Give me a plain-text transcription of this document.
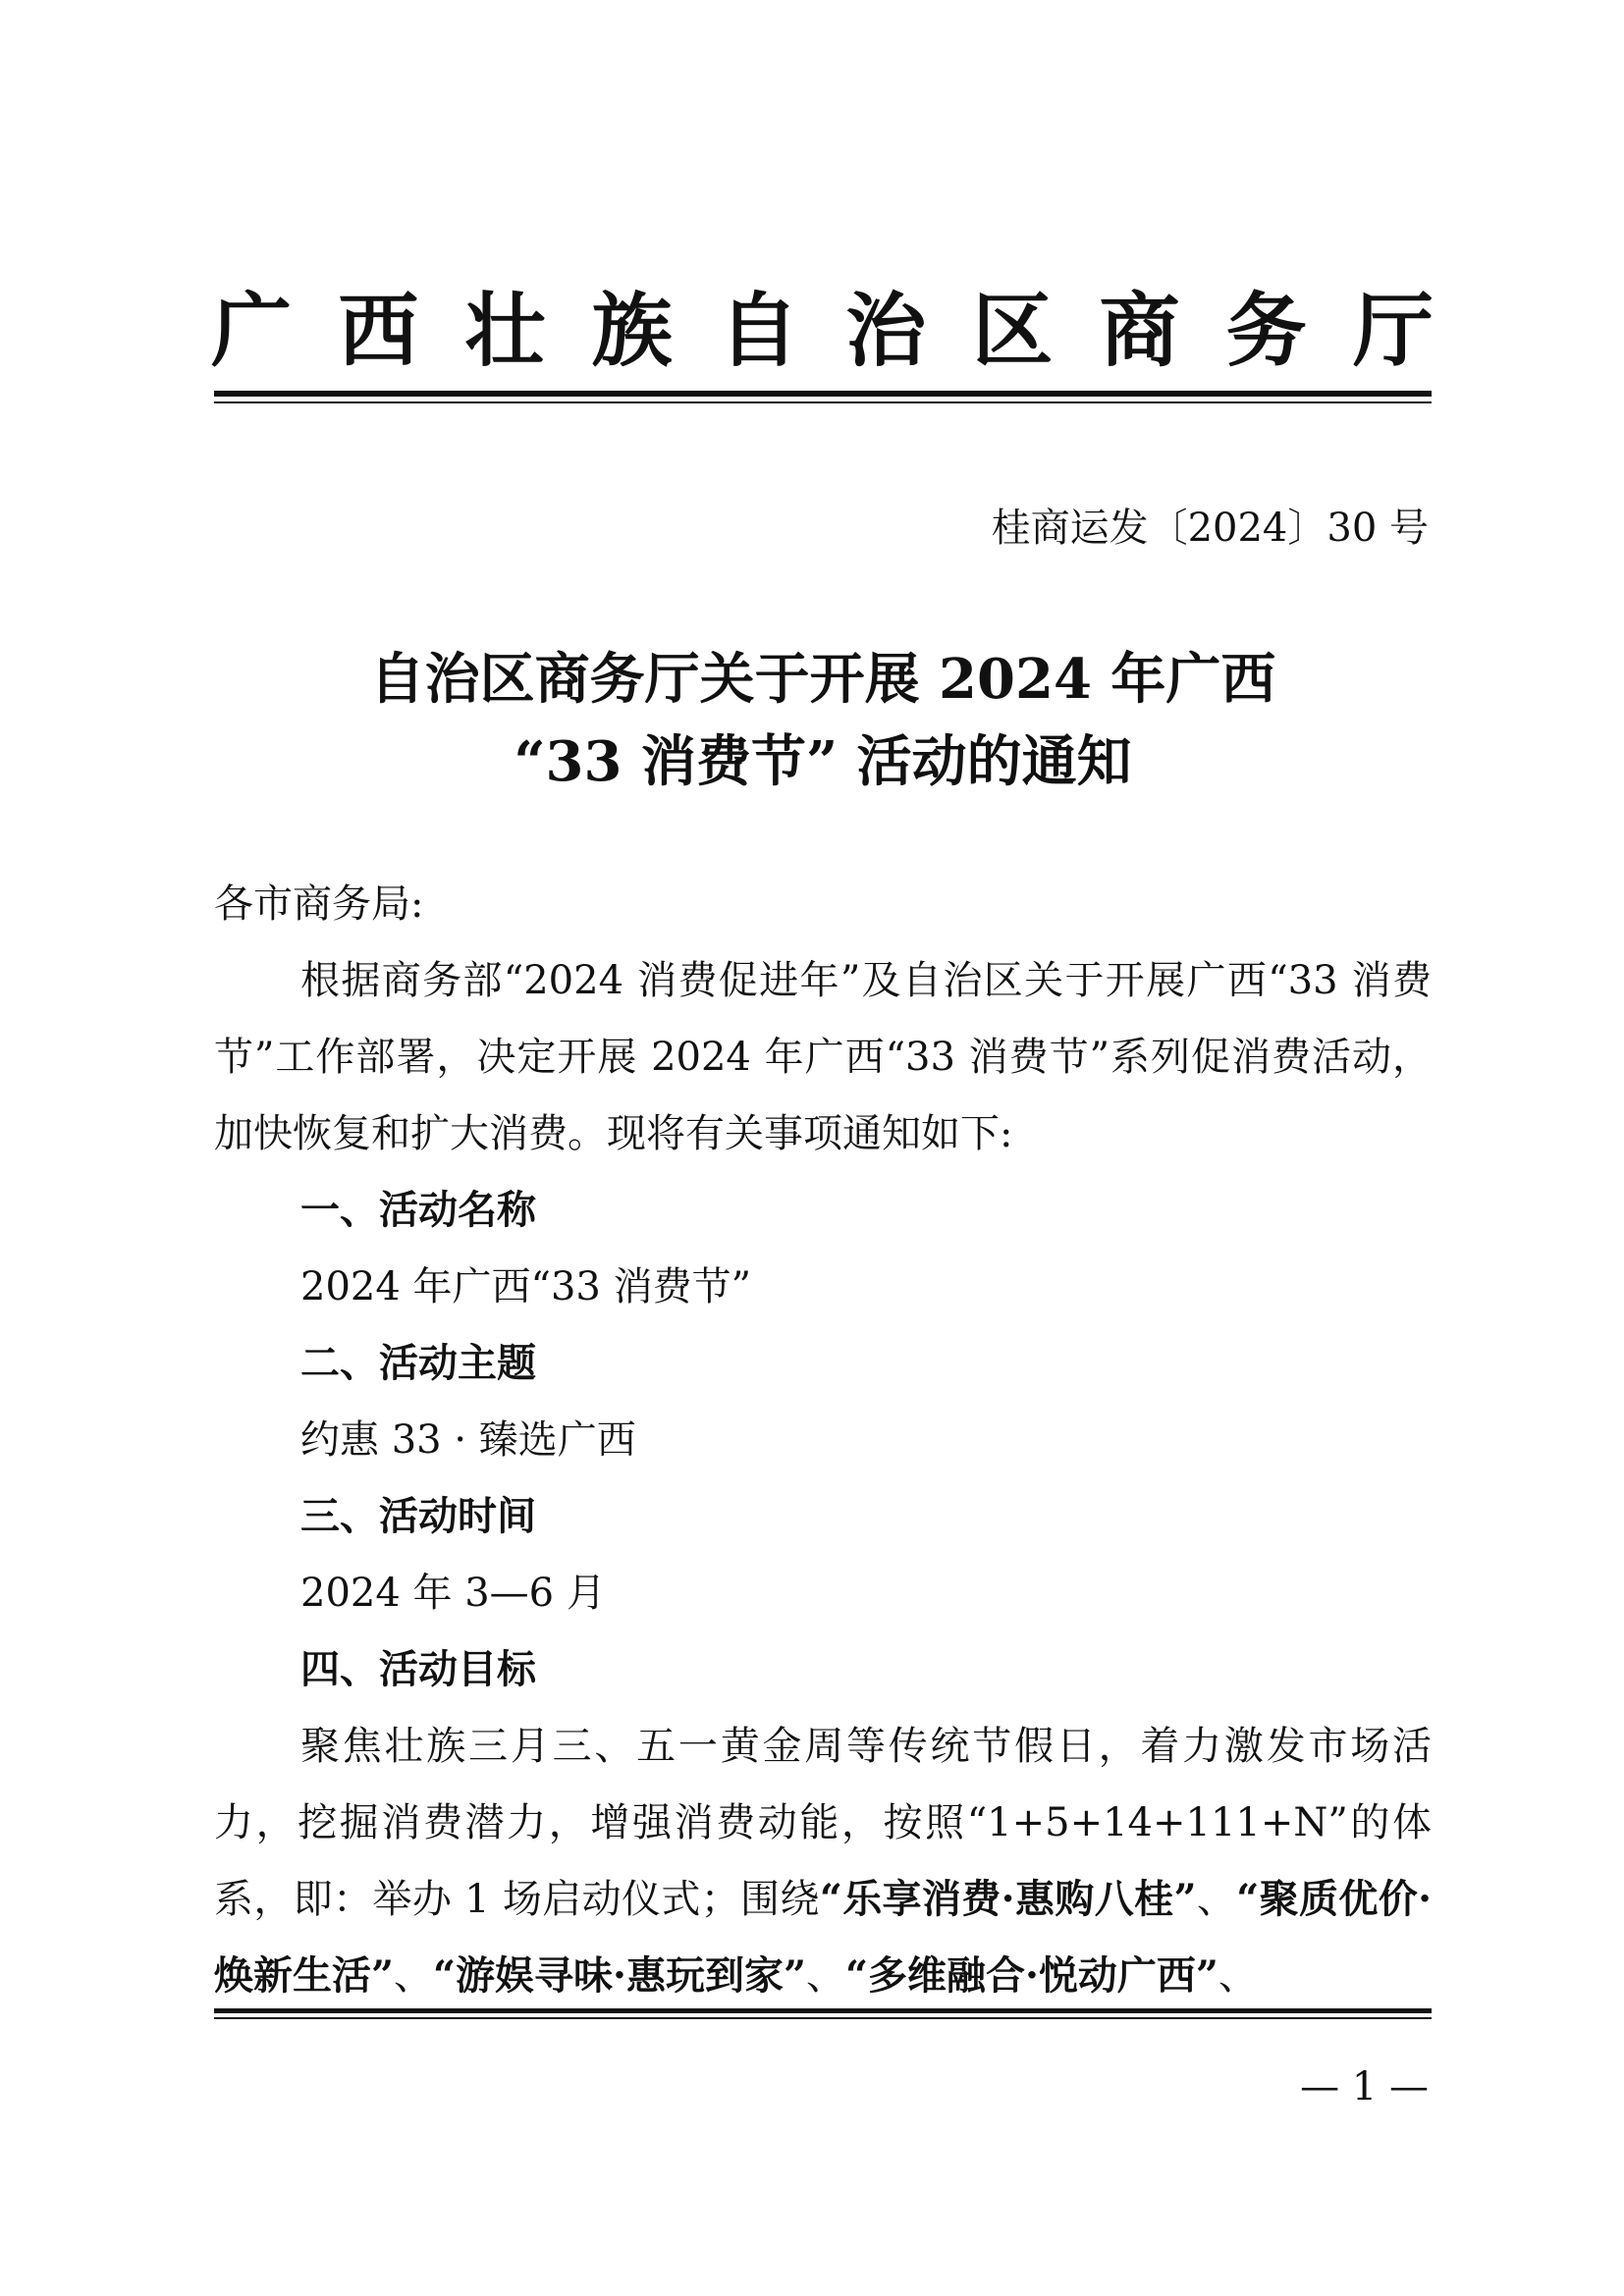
广 西 壮 族 自 治 区 商 务 厅
桂商运发〔2024〕30 号
自治区商务厅关于开展 2024 年广西
“33 消费节” 活动的通知

各市商务局:

根据商务部“2024 消费促进年”及自治区关于开展广西“33 消费节”工作部署，决定开展 2024 年广西“33 消费节”系列促消费活动，加快恢复和扩大消费。现将有关事项通知如下:

一、活动名称

2024 年广西“33 消费节”

二、活动主题

约惠 33 · 臻选广西

三、活动时间

2024 年 3—6 月

四、活动目标

聚焦壮族三月三、五一黄金周等传统节假日，着力激发市场活力，挖掘消费潜力，增强消费动能，按照“1+5+14+111+N”的体系，即：举办 1 场启动仪式；围绕“乐享消费·惠购八桂”、“聚质优价·焕新生活”、“游娱寻味·惠玩到家”、“多维融合·悦动广西”、

— 1 —
